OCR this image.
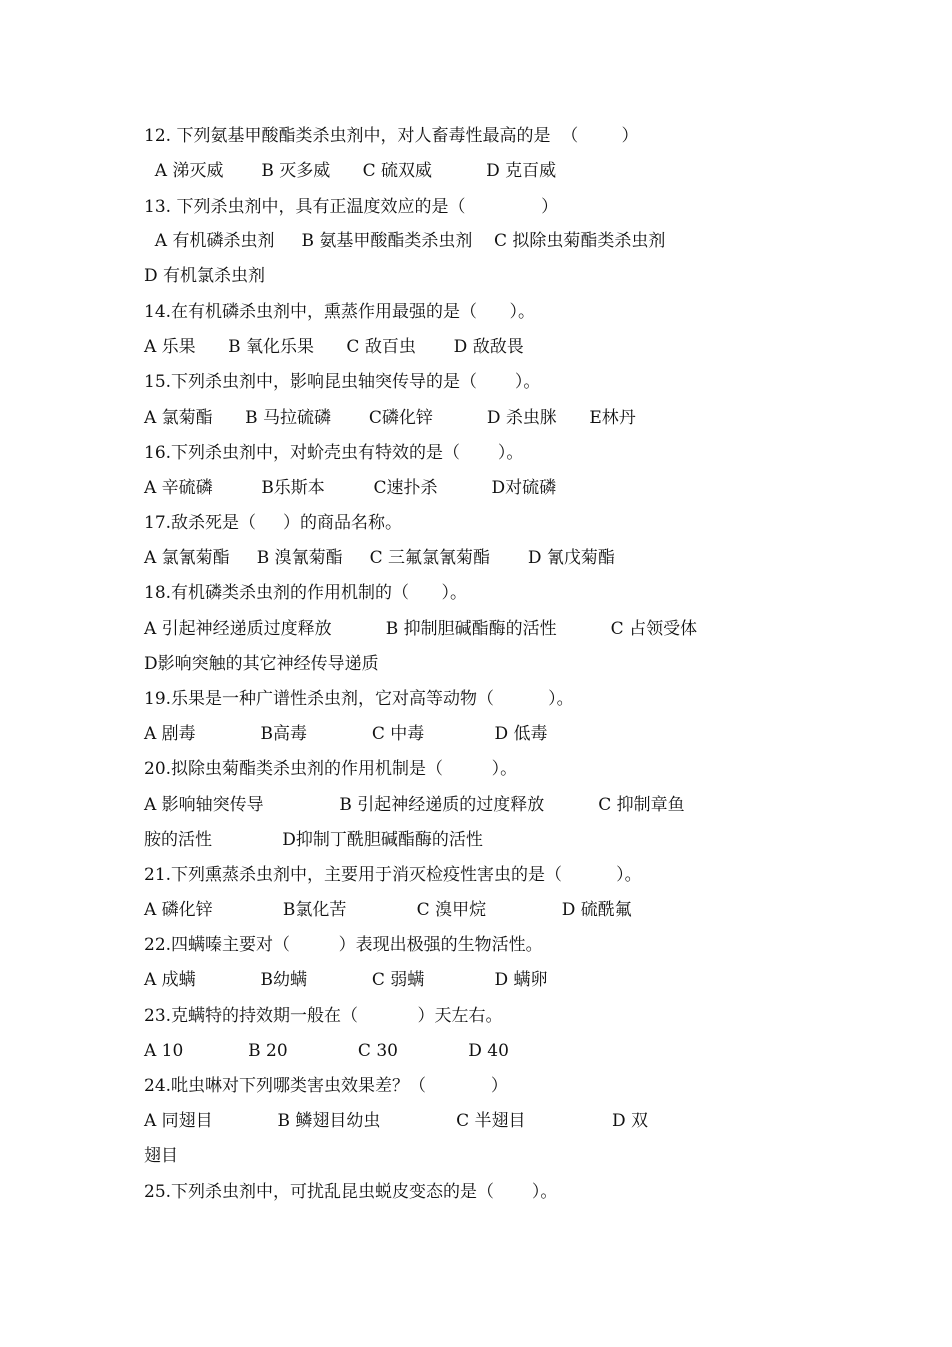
12. 下列氨基甲酸酯类杀虫剂中，对人畜毒性最高的是  （        ）
A 涕灭威       B 灭多威      C 硫双威          D 克百威
13. 下列杀虫剂中，具有正温度效应的是（              ）
A 有机磷杀虫剂     B 氨基甲酸酯类杀虫剂    C 拟除虫菊酯类杀虫剂
D 有机氯杀虫剂
14.在有机磷杀虫剂中，熏蒸作用最强的是（      ）。
A 乐果      B 氧化乐果      C 敌百虫       D 敌敌畏
15.下列杀虫剂中，影响昆虫轴突传导的是（       ）。
A 氯菊酯      B 马拉硫磷       C磷化锌          D 杀虫脒      E林丹
16.下列杀虫剂中，对蚧壳虫有特效的是（       ）。
A 辛硫磷         B乐斯本         C速扑杀          D对硫磷
17.敌杀死是（     ）的商品名称。
A 氯氰菊酯     B 溴氰菊酯     C 三氟氯氰菊酯       D 氰戊菊酯
18.有机磷类杀虫剂的作用机制的（      ）。
A 引起神经递质过度释放          B 抑制胆碱酯酶的活性          C 占领受体
D影响突触的其它神经传导递质
19.乐果是一种广谱性杀虫剂，它对高等动物（          ）。
A 剧毒            B高毒            C 中毒             D 低毒
20.拟除虫菊酯类杀虫剂的作用机制是（         ）。
A 影响轴突传导              B 引起神经递质的过度释放          C 抑制章鱼
胺的活性             D抑制丁酰胆碱酯酶的活性
21.下列熏蒸杀虫剂中，主要用于消灭检疫性害虫的是（          ）。
A 磷化锌             B氯化苦             C 溴甲烷              D 硫酰氟
22.四螨嗪主要对（         ）表现出极强的生物活性。
A 成螨            B幼螨            C 弱螨             D 螨卵
23.克螨特的持效期一般在（           ）天左右。
A 10            B 20             C 30             D 40
24.吡虫啉对下列哪类害虫效果差？（            ）
A 同翅目            B 鳞翅目幼虫              C 半翅目                D 双
翅目
25.下列杀虫剂中，可扰乱昆虫蜕皮变态的是（       ）。
